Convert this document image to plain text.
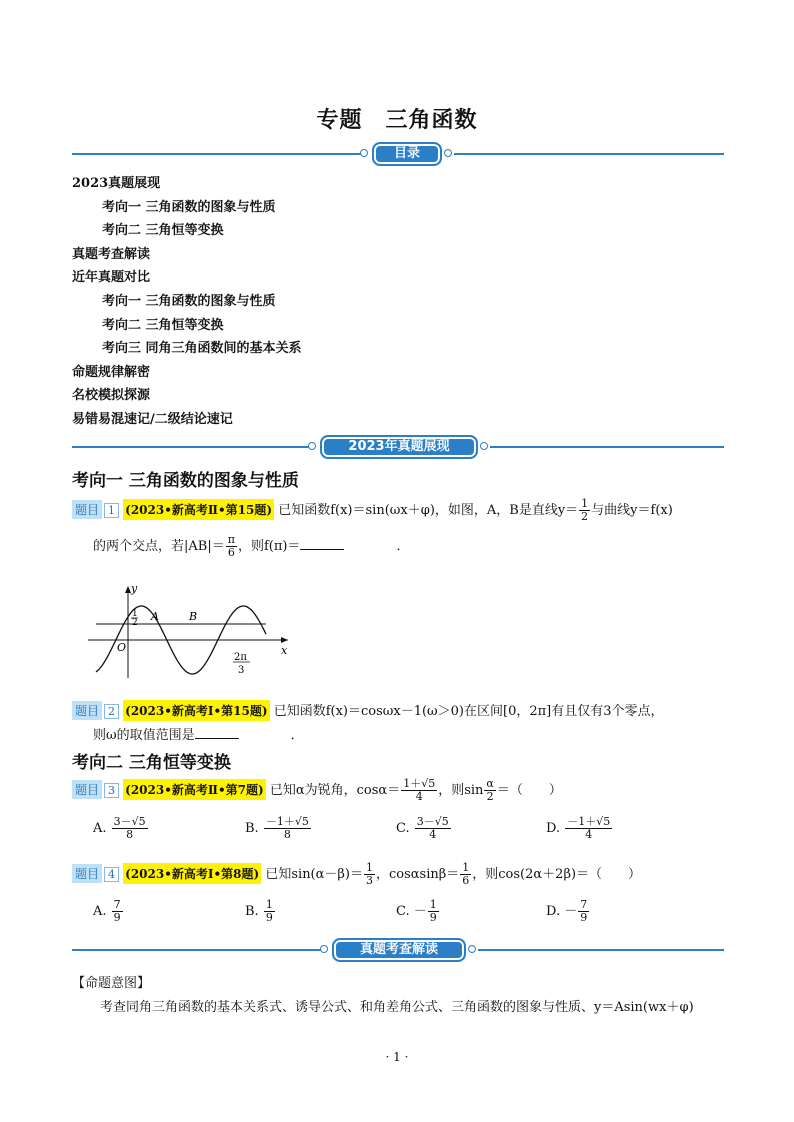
专题　三角函数
目录
2023真题展现
考向一 三角函数的图象与性质
考向二 三角恒等变换
真题考查解读
近年真题对比
考向一 三角函数的图象与性质
考向二 三角恒等变换
考向三 同角三角函数间的基本关系
命题规律解密
名校模拟探源
易错易混速记/二级结论速记
2023年真题展现
考向一 三角函数的图象与性质
题目 1 (2023•新高考Ⅱ•第15题) 已知函数f(x)＝sin(ωx＋φ)，如图，A，B是直线$y= \frac{1}{2}$ 与曲线y＝f(x)
的两个交点，若$|AB|= \frac{\pi}{6}$ ，则f(π)＝	．
y
x
O
1
2 A	B
2π
3
题目 2 (2023•新高考Ⅰ•第15题) 已知函数f(x)＝cosωx－1(ω＞0)在区间[0，2π]有且仅有3个零点，
则ω的取值范围是	．
考向二 三角恒等变换
题目 3 (2023•新高考Ⅱ•第7题) 已知α为锐角，$\cos\alpha= \frac{1+√5}{4}$ ，则$\sin \frac{\alpha}{2}$ ＝（　　）
A. $\frac{3-√5}{8}$	B. $\frac{-1+√5}{8}$	C. $\frac{3-√5}{4}$	D. $\frac{-1+√5}{4}$
题目 4 (2023•新高考Ⅰ•第8题) 已知$\sin(\alpha-\beta)= \frac{1}{3}$ ，$\cos\alpha\sin\beta= \frac{1}{6}$ ，则cos(2α＋2β)＝（　　）
A. $\frac{7}{9}$	B. $\frac{1}{9}$	C. － $\frac{1}{9}$	D. － $\frac{7}{9}$
真题考查解读
【命题意图】
考查同角三角函数的基本关系式、诱导公式、和角差角公式、三角函数的图象与性质、y＝Asin(wx＋φ)
· 1 ·
